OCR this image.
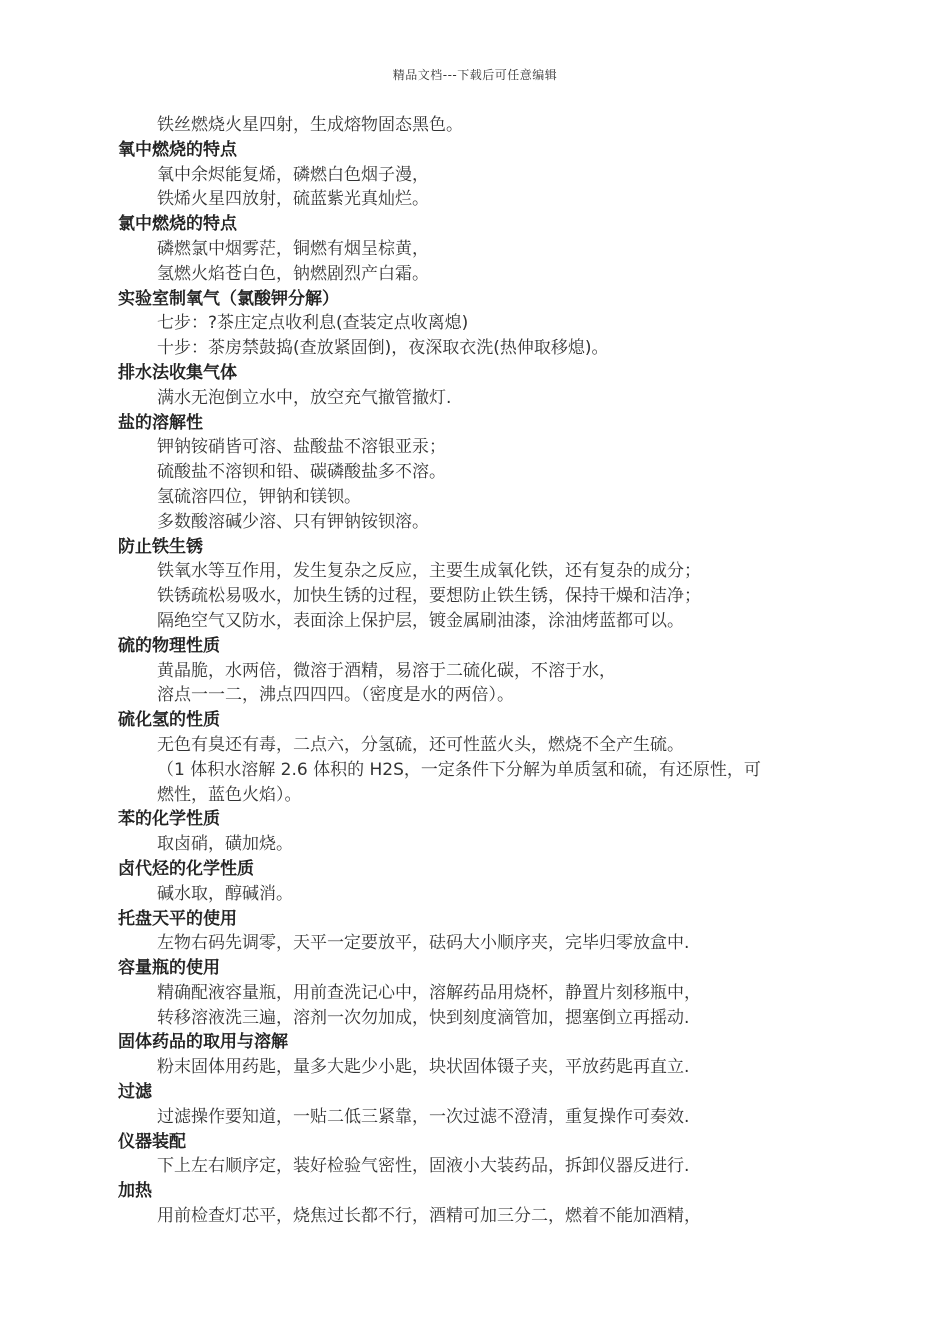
精品文档---下载后可任意编辑
铁丝燃烧火星四射，生成熔物固态黑色。
氧中燃烧的特点
氧中余烬能复烯，磷燃白色烟子漫，
铁烯火星四放射，硫蓝紫光真灿烂。
氯中燃烧的特点
磷燃氯中烟雾茫，铜燃有烟呈棕黄，
氢燃火焰苍白色，钠燃剧烈产白霜。
实验室制氧气（氯酸钾分解）
七步：?茶庄定点收利息(查装定点收离熄)
十步：茶房禁鼓捣(查放紧固倒)，夜深取衣洗(热伸取移熄)。
排水法收集气体
满水无泡倒立水中，放空充气撤管撤灯.
盐的溶解性
钾钠铵硝皆可溶、盐酸盐不溶银亚汞；
硫酸盐不溶钡和铅、碳磷酸盐多不溶。
氢硫溶四位，钾钠和镁钡。
多数酸溶碱少溶、只有钾钠铵钡溶。
防止铁生锈
铁氧水等互作用，发生复杂之反应，主要生成氧化铁，还有复杂的成分；
铁锈疏松易吸水，加快生锈的过程，要想防止铁生锈，保持干燥和洁净；
隔绝空气又防水，表面涂上保护层，镀金属刷油漆，涂油烤蓝都可以。
硫的物理性质
黄晶脆，水两倍，微溶于酒精，易溶于二硫化碳，不溶于水，
溶点一一二，沸点四四四。（密度是水的两倍）。
硫化氢的性质
无色有臭还有毒，二点六，分氢硫，还可性蓝火头，燃烧不全产生硫。
（1 体积水溶解 2.6 体积的 H2S，一定条件下分解为单质氢和硫，有还原性，可
燃性，蓝色火焰）。
苯的化学性质
取卤硝，磺加烧。
卤代烃的化学性质
碱水取，醇碱消。
托盘天平的使用
左物右码先调零，天平一定要放平，砝码大小顺序夹，完毕归零放盒中.
容量瓶的使用
精确配液容量瓶，用前查洗记心中，溶解药品用烧杯，静置片刻移瓶中，
转移溶液洗三遍，溶剂一次勿加成，快到刻度滴管加，摁塞倒立再摇动.
固体药品的取用与溶解
粉末固体用药匙，量多大匙少小匙，块状固体镊子夹，平放药匙再直立.
过滤
过滤操作要知道，一贴二低三紧靠，一次过滤不澄清，重复操作可奏效.
仪器装配
下上左右顺序定，装好检验气密性，固液小大装药品，拆卸仪器反进行.
加热
用前检查灯芯平，烧焦过长都不行，酒精可加三分二，燃着不能加酒精，
